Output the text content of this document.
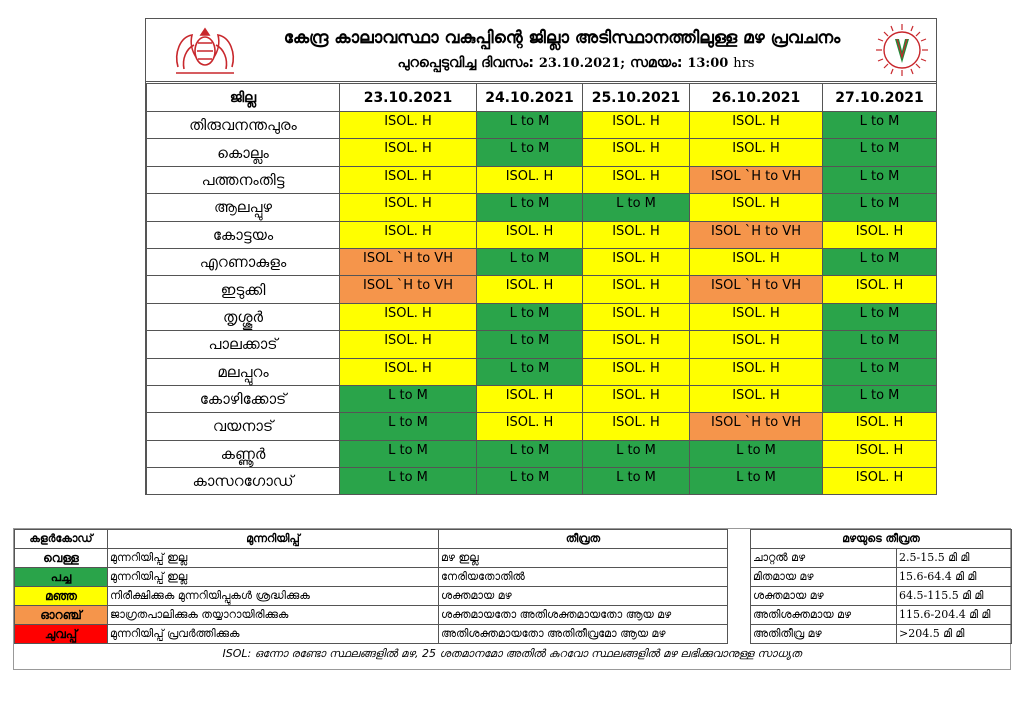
കേന്ദ്ര കാലാവസ്ഥാ വകുപ്പിന്റെ ജില്ലാ അടിസ്ഥാനത്തിലുള്ള മഴ പ്രവചനം
പുറപ്പെടുവിച്ച ദിവസം: 23.10.2021; സമയം: 13:00 hrs
ജില്ല	23.10.2021	24.10.2021	25.10.2021	26.10.2021	27.10.2021
തിരുവനന്തപുരം	ISOL. H	L to M	ISOL. H	ISOL. H	L to M
കൊല്ലം	ISOL. H	L to M	ISOL. H	ISOL. H	L to M
പത്തനംതിട്ട	ISOL. H	ISOL. H	ISOL. H	ISOL `H to VH	L to M
ആലപ്പുഴ	ISOL. H	L to M	L to M	ISOL. H	L to M
കോട്ടയം	ISOL. H	ISOL. H	ISOL. H	ISOL `H to VH	ISOL. H
എറണാകുളം	ISOL `H to VH	L to M	ISOL. H	ISOL. H	L to M
ഇടുക്കി	ISOL `H to VH	ISOL. H	ISOL. H	ISOL `H to VH	ISOL. H
തൃശ്ശൂർ	ISOL. H	L to M	ISOL. H	ISOL. H	L to M
പാലക്കാട്	ISOL. H	L to M	ISOL. H	ISOL. H	L to M
മലപ്പുറം	ISOL. H	L to M	ISOL. H	ISOL. H	L to M
കോഴിക്കോട്	L to M	ISOL. H	ISOL. H	ISOL. H	L to M
വയനാട്	L to M	ISOL. H	ISOL. H	ISOL `H to VH	ISOL. H
കണ്ണൂർ	L to M	L to M	L to M	L to M	ISOL. H
കാസറഗോഡ്	L to M	L to M	L to M	L to M	ISOL. H
കളർകോഡ്	മുന്നറിയിപ്പ്	തീവ്രത
വെള്ള	മുന്നറിയിപ്പ് ഇല്ല	മഴ ഇല്ല
പച്ച	മുന്നറിയിപ്പ് ഇല്ല	നേരിയതോതിൽ
മഞ്ഞ	നിരീക്ഷിക്കുക മുന്നറിയിപ്പുകൾ ശ്രദ്ധിക്കുക	ശക്തമായ മഴ
ഓറഞ്ച്	ജാഗ്രതപാലിക്കുക തയ്യാറായിരിക്കുക	ശക്തമായതോ അതിശക്തമായതോ ആയ മഴ
ചുവപ്പ്	മുന്നറിയിപ്പ് പ്രവർത്തിക്കുക	അതിശക്തമായതോ അതിതീവ്രമോ ആയ മഴ
മഴയുടെ തീവ്രത	
ചാറ്റൽ മഴ	2.5-15.5 മി മി
മിതമായ മഴ	15.6-64.4 മി മി
ശക്തമായ മഴ	64.5-115.5 മി മി
അതിശക്തമായ മഴ	115.6-204.4 മി മി
അതിതീവ്ര മഴ	>204.5 മി മി
ISOL: ഒന്നോ രണ്ടോ സ്ഥലങ്ങളിൽ മഴ, 25 ശതമാനമോ അതിൽ കുറവോ സ്ഥലങ്ങളിൽ മഴ ലഭിക്കുവാനുള്ള സാധ്യത
